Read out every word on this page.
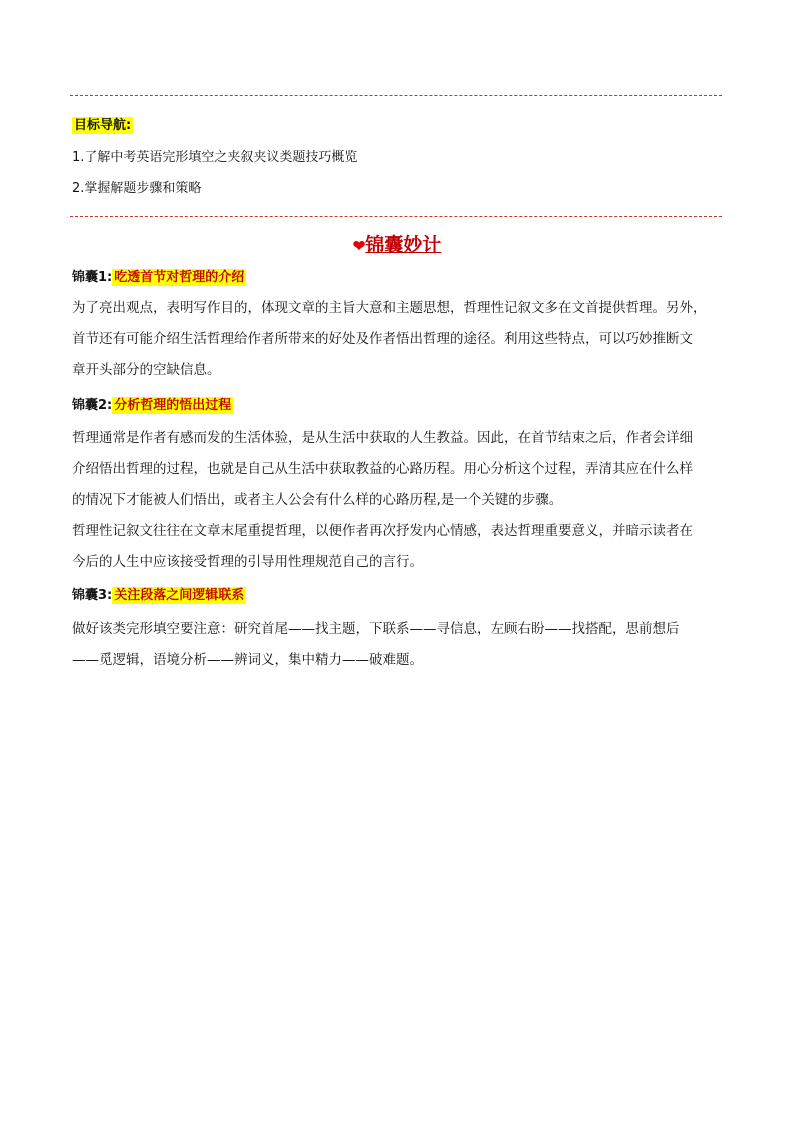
目标导航:
1.了解中考英语完形填空之夹叙夹议类题技巧概览
2.掌握解题步骤和策略
❤锦囊妙计
锦囊1: 吃透首节对哲理的介绍
为了亮出观点，表明写作目的，体现文章的主旨大意和主题思想，哲理性记叙文多在文首提供哲理。另外，
首节还有可能介绍生活哲理给作者所带来的好处及作者悟出哲理的途径。利用这些特点，可以巧妙推断文
章开头部分的空缺信息。
锦囊2: 分析哲理的悟出过程
哲理通常是作者有感而发的生活体验，是从生活中获取的人生教益。因此，在首节结束之后，作者会详细
介绍悟出哲理的过程，也就是自己从生活中获取教益的心路历程。用心分析这个过程，弄清其应在什么样
的情况下才能被人们悟出，或者主人公会有什么样的心路历程,是一个关键的步骤。
哲理性记叙文往往在文章末尾重提哲理，以便作者再次抒发内心情感，表达哲理重要意义，并暗示读者在
今后的人生中应该接受哲理的引导用性理规范自己的言行。
锦囊3: 关注段落之间逻辑联系
做好该类完形填空要注意：研究首尾——找主题，下联系——寻信息，左顾右盼——找搭配，思前想后
——觅逻辑，语境分析——辨词义，集中精力——破难题。
